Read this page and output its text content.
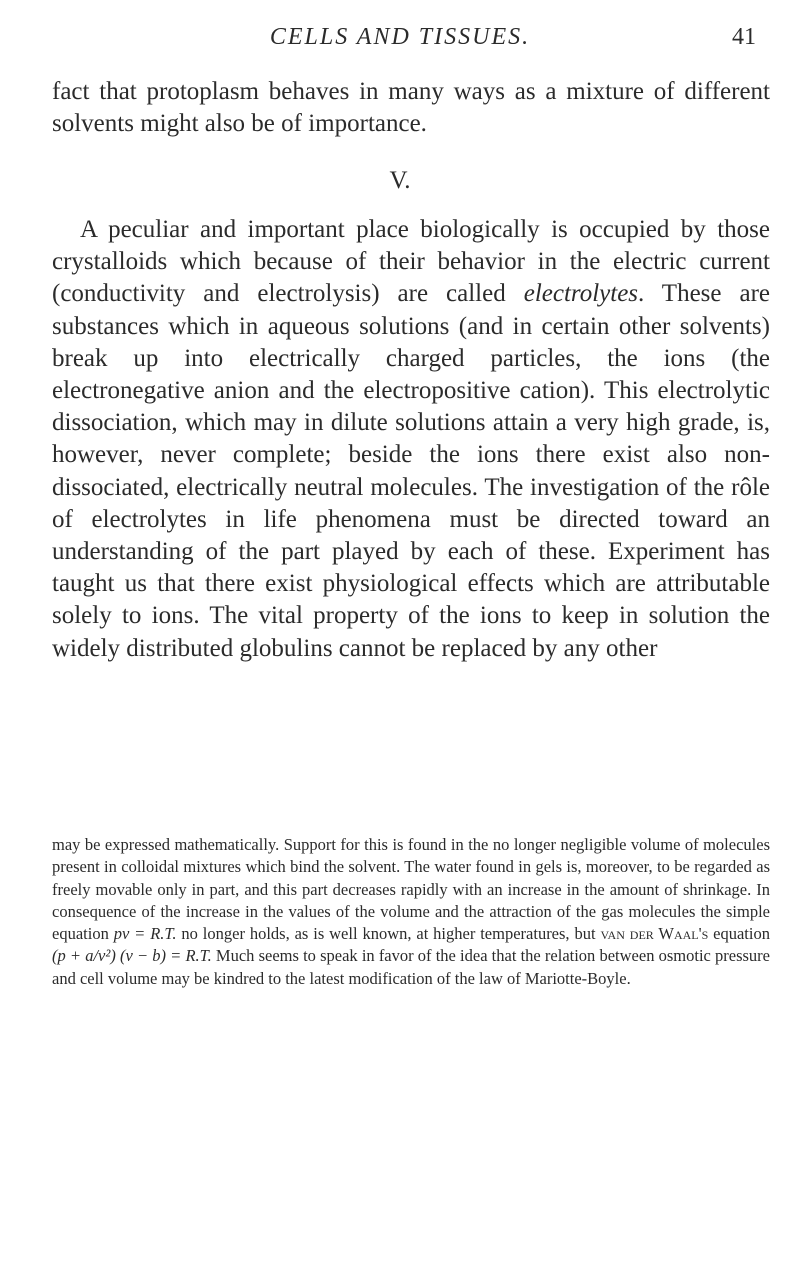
CELLS AND TISSUES.	41

fact that protoplasm behaves in many ways as a mixture of different solvents might also be of importance.

V.

A peculiar and important place biologically is occupied by those crystalloids which because of their behavior in the electric current (conductivity and electrolysis) are called electrolytes. These are substances which in aqueous solutions (and in certain other solvents) break up into electrically charged particles, the ions (the electronegative anion and the electropositive cation). This electrolytic dissociation, which may in dilute solutions attain a very high grade, is, however, never complete; beside the ions there exist also non-dissociated, electrically neutral molecules. The investigation of the rôle of electrolytes in life phenomena must be directed toward an understanding of the part played by each of these. Experiment has taught us that there exist physiological effects which are attributable solely to ions. The vital property of the ions to keep in solution the widely distributed globulins cannot be replaced by any other

may be expressed mathematically. Support for this is found in the no longer negligible volume of molecules present in colloidal mixtures which bind the solvent. The water found in gels is, moreover, to be regarded as freely movable only in part, and this part decreases rapidly with an increase in the amount of shrinkage. In consequence of the increase in the values of the volume and the attraction of the gas molecules the simple equation pv = R.T. no longer holds, as is well known, at higher temperatures, but van der Waal's equation (p + a/v²) (v − b) = R.T. Much seems to speak in favor of the idea that the relation between osmotic pressure and cell volume may be kindred to the latest modification of the law of Mariotte-Boyle.
